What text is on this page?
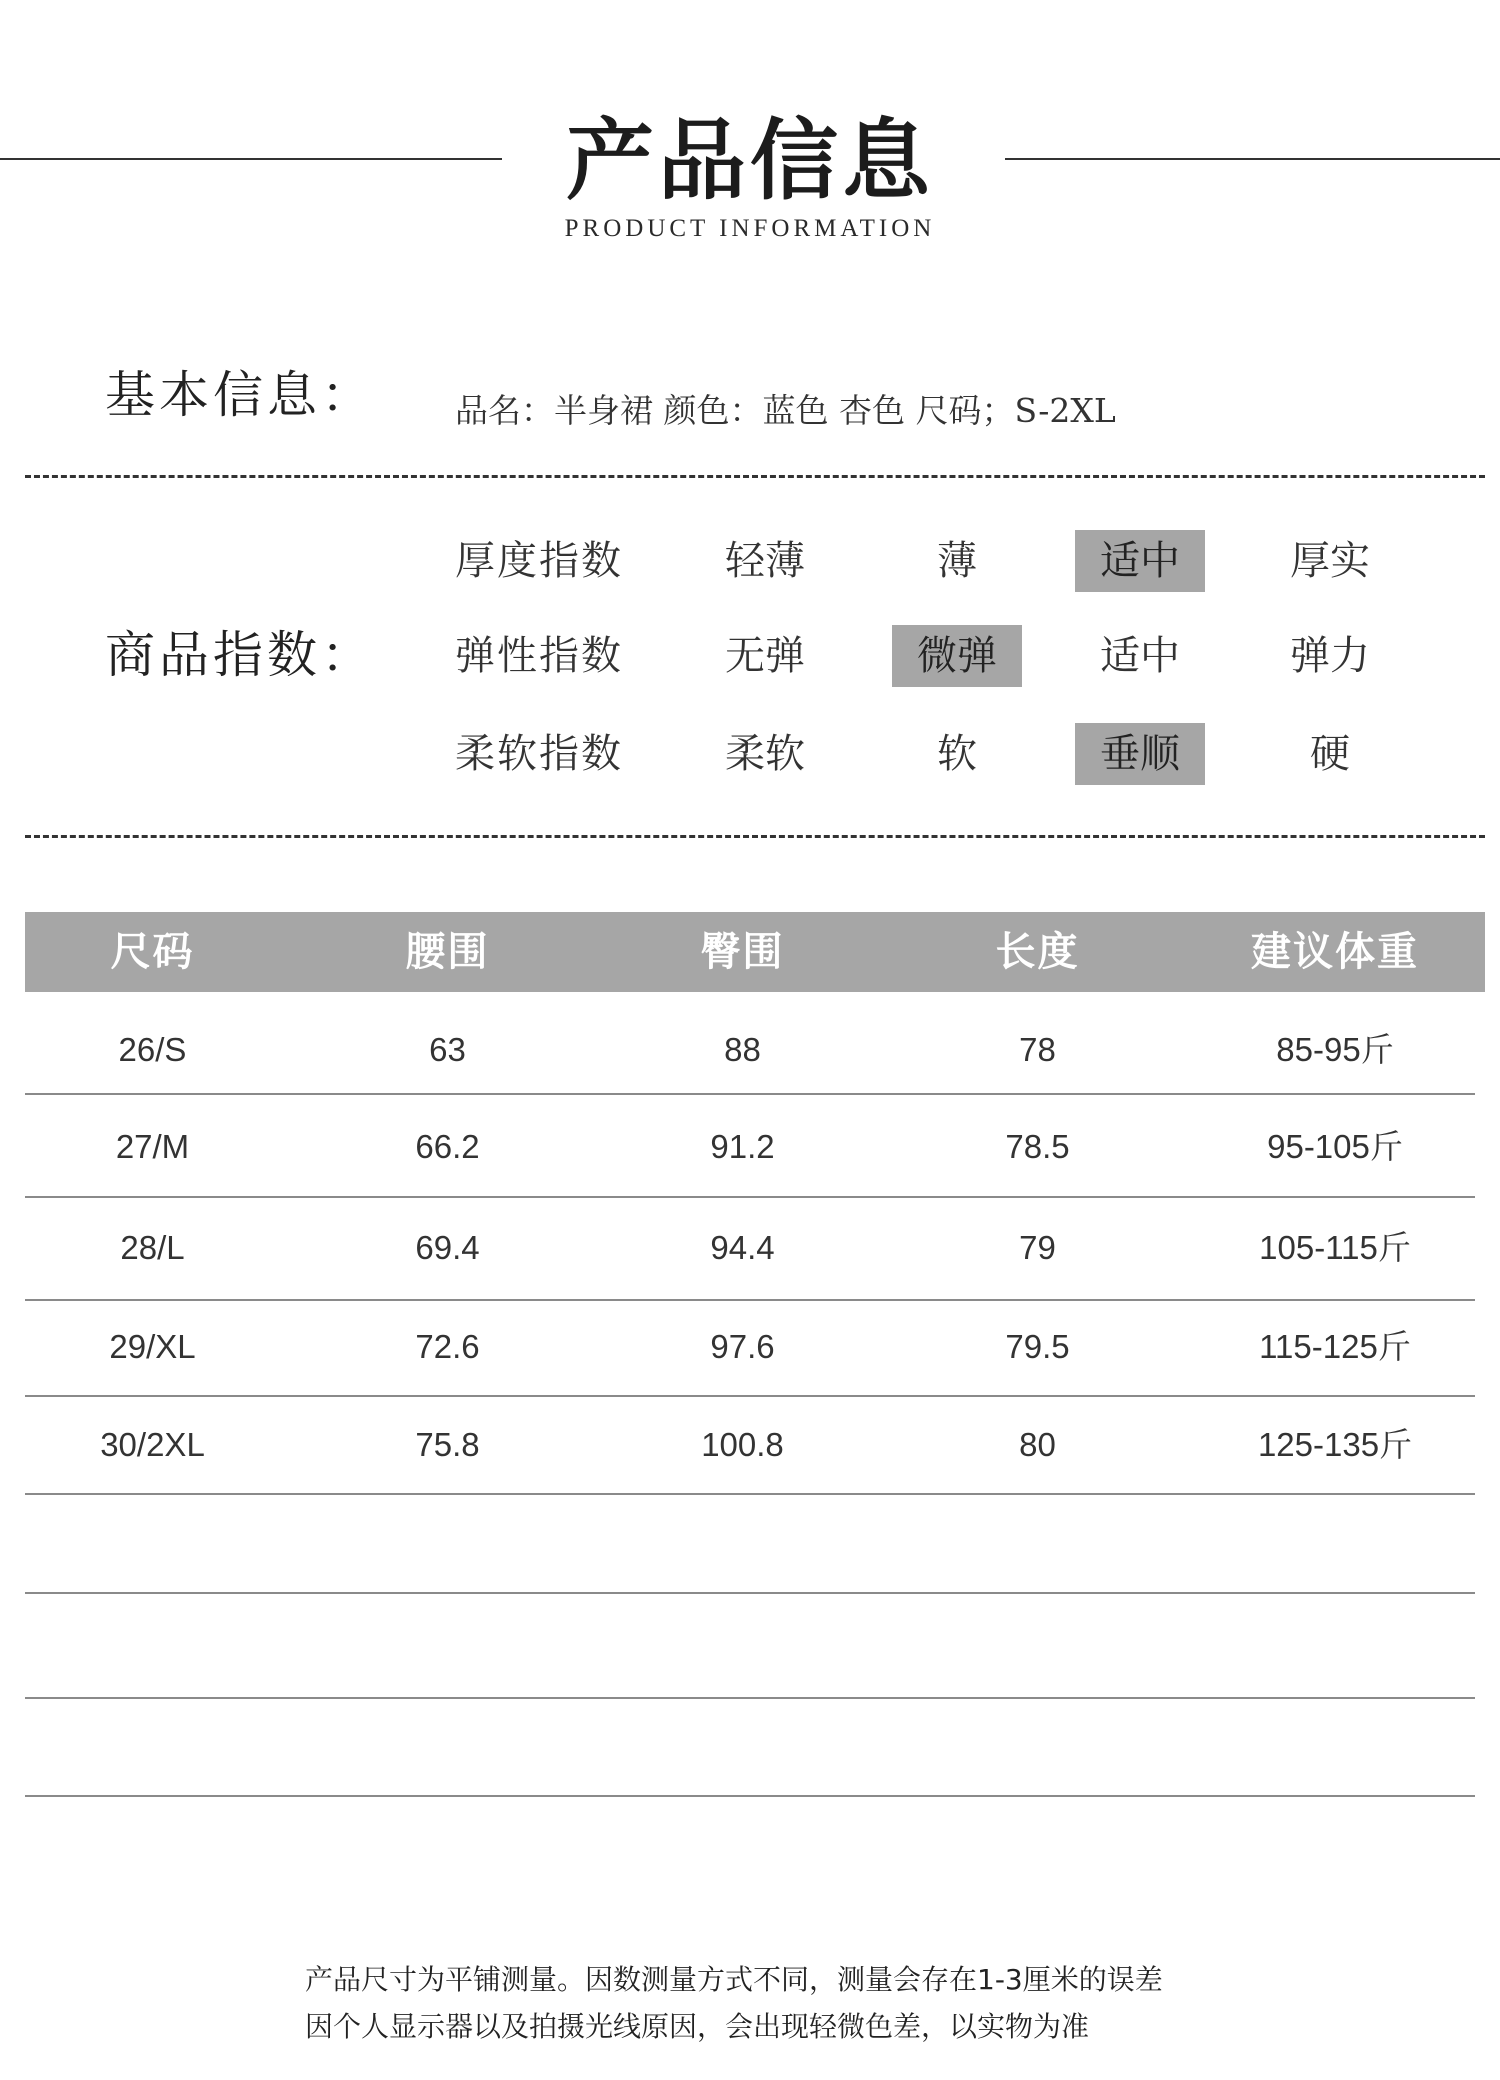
产品信息
PRODUCT INFORMATION
基本信息： 品名：半身裙 颜色：蓝色 杏色 尺码；S-2XL
商品指数：
厚度指数	轻薄	薄	适中	厚实
弹性指数	无弹	微弹	适中	弹力
柔软指数	柔软	软	垂顺	硬
尺码	腰围	臀围	长度	建议体重
26/S	63	88	78	85-95斤
27/M	66.2	91.2	78.5	95-105斤
28/L	69.4	94.4	79	105-115斤
29/XL	72.6	97.6	79.5	115-125斤
30/2XL	75.8	100.8	80	125-135斤
产品尺寸为平铺测量。因数测量方式不同，测量会存在1-3厘米的误差
因个人显示器以及拍摄光线原因，会出现轻微色差，以实物为准
